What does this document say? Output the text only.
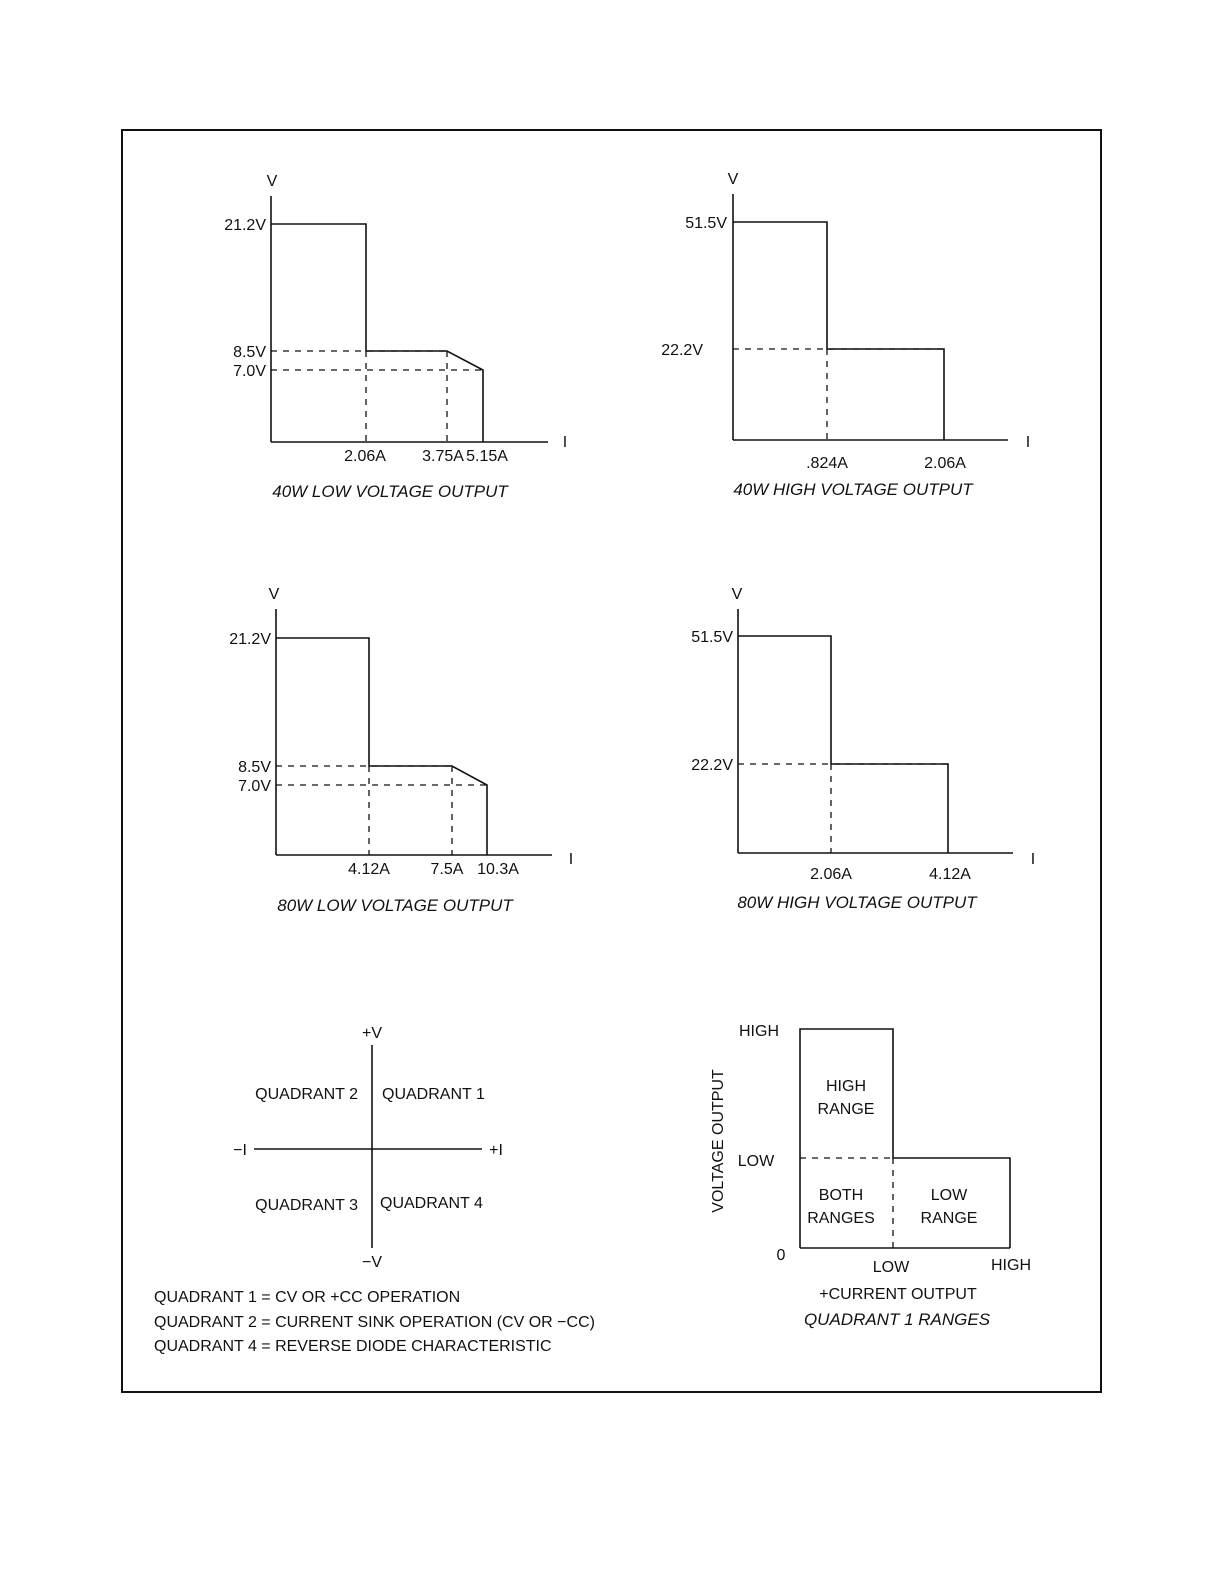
V
I
21.2V
8.5V
7.0V
2.06A 3.75A 5.15A
40W LOW VOLTAGE OUTPUT
V
I
51.5V
22.2V
.824A	2.06A
40W HIGH VOLTAGE OUTPUT
V
I
21.2V
8.5V
7.0V
4.12A	7.5A 10.3A
80W LOW VOLTAGE OUTPUT
V
I
51.5V
22.2V
2.06A	4.12A
80W HIGH VOLTAGE OUTPUT
+V
−V
−I	+I
QUADRANT 2 QUADRANT 1
QUADRANT 3 QUADRANT 4
QUADRANT 1 = CV OR +CC OPERATION
QUADRANT 2 = CURRENT SINK OPERATION (CV OR −CC)
QUADRANT 4 = REVERSE DIODE CHARACTERISTIC
HIGH
LOW
0
LOW	HIGH
VOLTAGE OUTPUT
+CURRENT OUTPUT
QUADRANT 1 RANGES
HIGH
RANGE
BOTH
RANGES
LOW
RANGE
